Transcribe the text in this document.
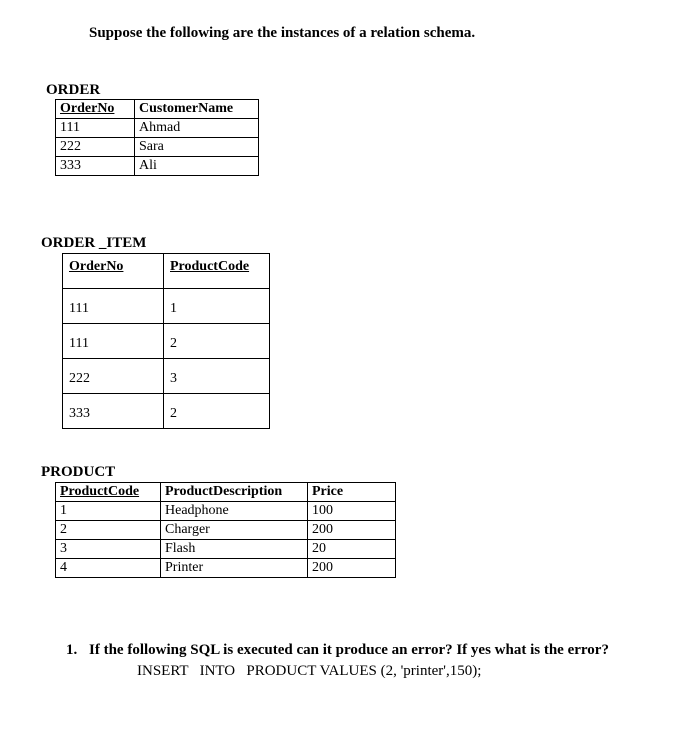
Suppose the following are the instances of a relation schema.
ORDER
OrderNo	CustomerName
111	Ahmad
222	Sara
333	Ali
ORDER _ITEM
OrderNo	ProductCode
111	1
111	2
222	3
333	2
PRODUCT
ProductCode	ProductDescription	Price
1	Headphone	100
2	Charger	200
3	Flash	20
4	Printer	200
1. If the following SQL is executed can it produce an error? If yes what is the error?
INSERT   INTO   PRODUCT VALUES (2, 'printer',150);
